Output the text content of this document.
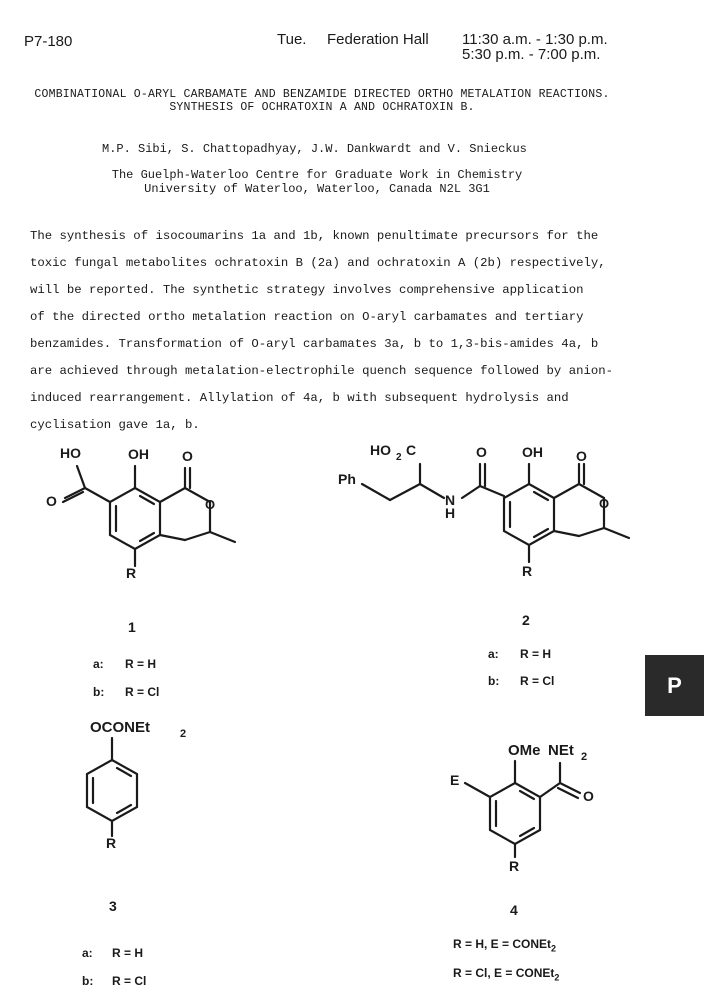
P7-180	Tue. Federation Hall 11:30 a.m. - 1:30 p.m.
5:30 p.m. - 7:00 p.m.
COMBINATIONAL O-ARYL CARBAMATE AND BENZAMIDE DIRECTED ORTHO METALATION REACTIONS.
SYNTHESIS OF OCHRATOXIN A AND OCHRATOXIN B.
M.P. Sibi, S. Chattopadhyay, J.W. Dankwardt and V. Snieckus
The Guelph-Waterloo Centre for Graduate Work in Chemistry
University of Waterloo, Waterloo, Canada N2L 3G1
The synthesis of isocoumarins 1a and 1b, known penultimate precursors for the
toxic fungal metabolites ochratoxin B (2a) and ochratoxin A (2b) respectively,
will be reported. The synthetic strategy involves comprehensive application
of the directed ortho metalation reaction on O-aryl carbamates and tertiary
benzamides. Transformation of O-aryl carbamates 3a, b to 1,3-bis-amides 4a, b
are achieved through metalation-electrophile quench sequence followed by anion-
induced rearrangement. Allylation of 4a, b with subsequent hydrolysis and
cyclisation gave 1a, b.
HO	OH O
O	O
R
HO 2 C
Ph
N
H
O	OH O
O
R
1
a: R = H
b: R = Cl
2
a: R = H
b: R = Cl
OCONEt	2
R
OMe NEt 2
E
O
R
3
a: R = H
b: R = Cl
4
R = H, E = CONEt$_2$
R = Cl, E = CONEt$_2$
P
